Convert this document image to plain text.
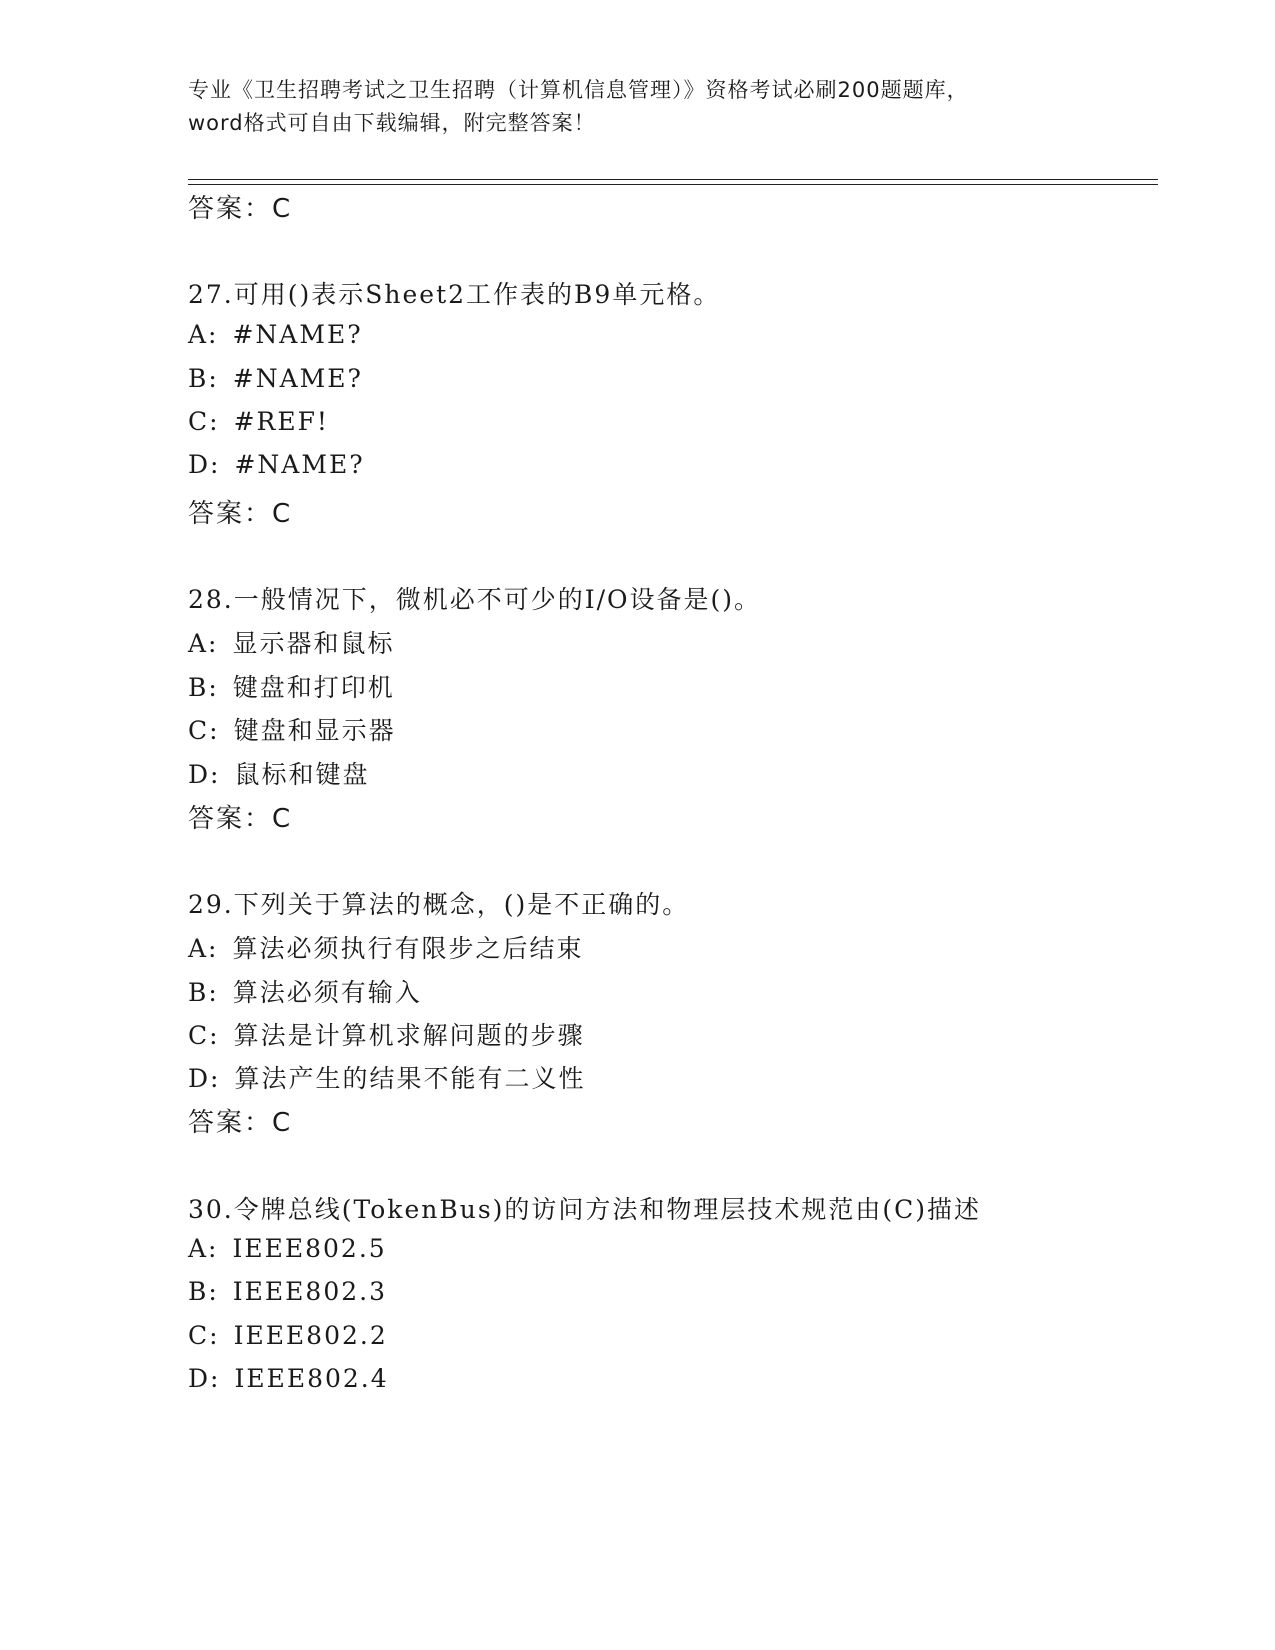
专业《卫生招聘考试之卫生招聘（计算机信息管理）》资格考试必刷200题题库，
word格式可自由下载编辑，附完整答案！
答案：C
27.可用()表示Sheet2工作表的B9单元格。
A: #NAME?
B: #NAME?
C: #REF!
D: #NAME?
答案：C
28.一般情况下，微机必不可少的I/O设备是()。
A: 显示器和鼠标
B: 键盘和打印机
C: 键盘和显示器
D: 鼠标和键盘
答案：C
29.下列关于算法的概念，()是不正确的。
A: 算法必须执行有限步之后结束
B: 算法必须有输入
C: 算法是计算机求解问题的步骤
D: 算法产生的结果不能有二义性
答案：C
30.令牌总线(TokenBus)的访问方法和物理层技术规范由(C)描述
A: IEEE802.5
B: IEEE802.3
C: IEEE802.2
D: IEEE802.4
